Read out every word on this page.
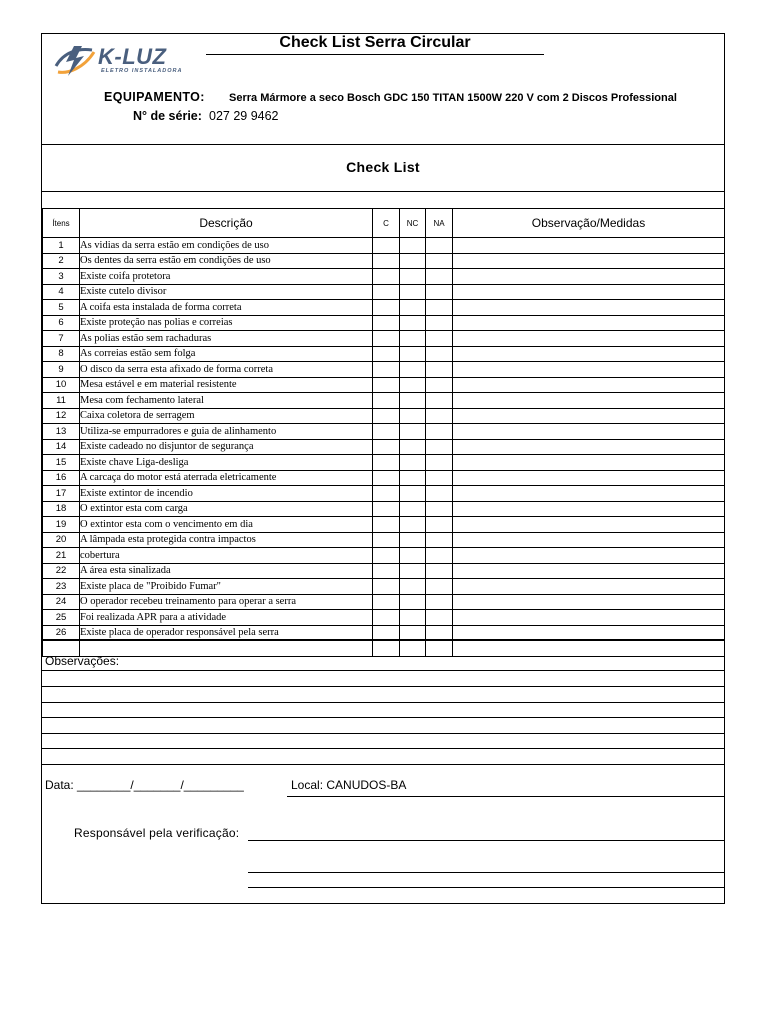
K-LUZ
ELETRO INSTALADORA
Check List Serra Circular
EQUIPAMENTO: Serra Mármore a seco Bosch GDC 150 TITAN 1500W 220 V com 2 Discos Professional
N° de série: 027 29 9462
Check List
Ítens	Descrição	C	NC	NA	Observação/Medidas
1	As vidias da serra estão em condições de uso				
2	Os dentes da serra estão em condições de uso				
3	Existe coifa protetora				
4	Existe cutelo divisor				
5	A coifa esta instalada de forma correta				
6	Existe proteção nas polias e correias				
7	As polias estão sem rachaduras				
8	As correias estão sem folga				
9	O disco da serra esta afixado de forma correta				
10	Mesa estável e em material resistente				
11	Mesa com fechamento lateral				
12	Caixa coletora de serragem				
13	Utiliza-se empurradores e guia de alinhamento				
14	Existe cadeado no disjuntor de segurança				
15	Existe chave Liga-desliga				
16	A carcaça do motor está aterrada eletricamente				
17	Existe extintor de incendio				
18	O extintor esta com carga				
19	O extintor esta com o vencimento em dia				
20	A lâmpada esta protegida contra impactos				
21	cobertura				
22	A área esta sinalizada				
23	Existe placa de "Proibido Fumar"				
24	O operador recebeu treinamento para operar a serra				
25	Foi realizada APR para a atividade				
26	Existe placa de operador responsável pela serra				

Observações:
Data: ________/_______/_________	Local: CANUDOS-BA
Responsável pela verificação:
